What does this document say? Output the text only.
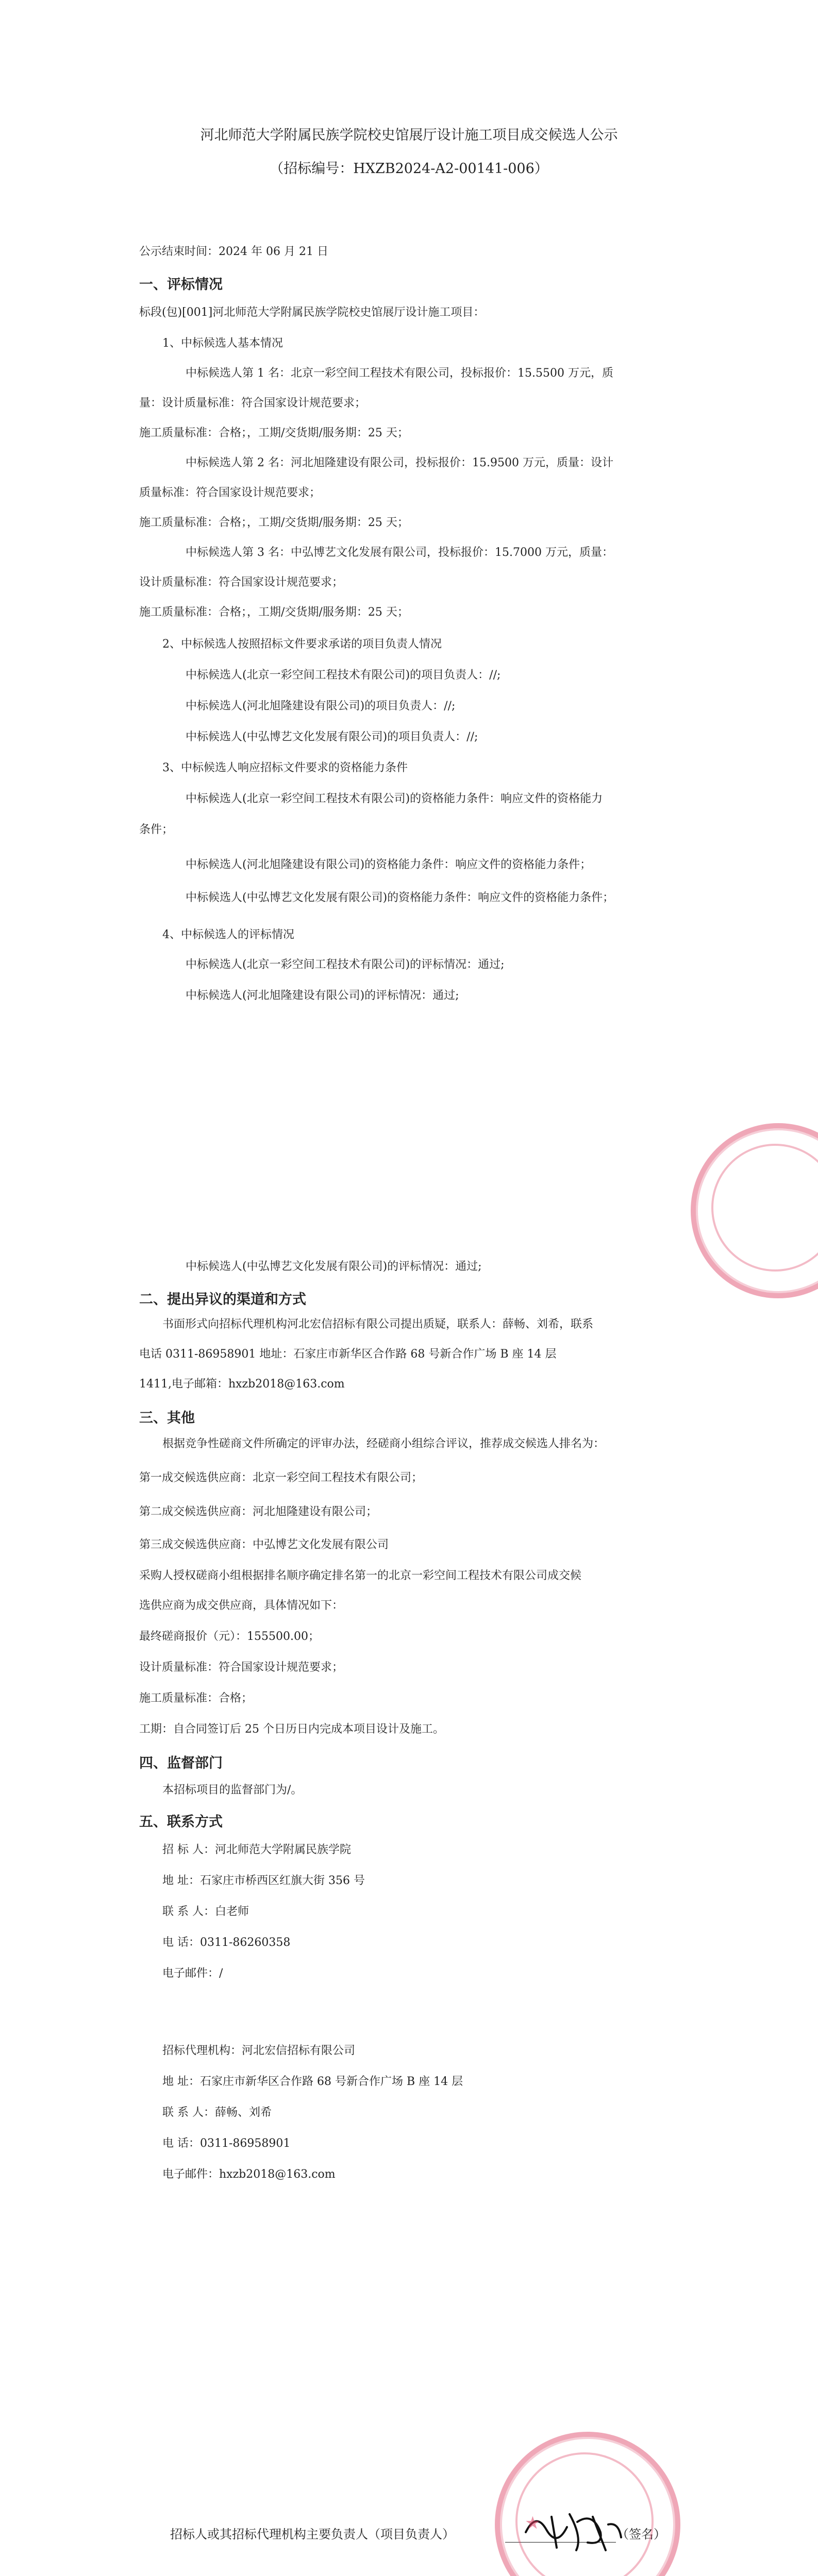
河北师范大学附属民族学院校史馆展厅设计施工项目成交候选人公示
（招标编号：HXZB2024-A2-00141-006）
公示结束时间：2024 年 06 月 21 日
一、评标情况
标段(包)[001]河北师范大学附属民族学院校史馆展厅设计施工项目：
1、中标候选人基本情况
中标候选人第 1 名：北京一彩空间工程技术有限公司，投标报价：15.5500 万元，质
量：设计质量标准：符合国家设计规范要求；
施工质量标准：合格；，工期/交货期/服务期：25 天；
中标候选人第 2 名：河北旭隆建设有限公司，投标报价：15.9500 万元，质量：设计
质量标准：符合国家设计规范要求；
施工质量标准：合格；，工期/交货期/服务期：25 天；
中标候选人第 3 名：中弘博艺文化发展有限公司，投标报价：15.7000 万元，质量：
设计质量标准：符合国家设计规范要求；
施工质量标准：合格；，工期/交货期/服务期：25 天；
2、中标候选人按照招标文件要求承诺的项目负责人情况
中标候选人(北京一彩空间工程技术有限公司)的项目负责人：//;
中标候选人(河北旭隆建设有限公司)的项目负责人：//;
中标候选人(中弘博艺文化发展有限公司)的项目负责人：//;
3、中标候选人响应招标文件要求的资格能力条件
中标候选人(北京一彩空间工程技术有限公司)的资格能力条件：响应文件的资格能力
条件；
中标候选人(河北旭隆建设有限公司)的资格能力条件：响应文件的资格能力条件；
中标候选人(中弘博艺文化发展有限公司)的资格能力条件：响应文件的资格能力条件；
4、中标候选人的评标情况
中标候选人(北京一彩空间工程技术有限公司)的评标情况：通过;
中标候选人(河北旭隆建设有限公司)的评标情况：通过;
中标候选人(中弘博艺文化发展有限公司)的评标情况：通过;
二、提出异议的渠道和方式
书面形式向招标代理机构河北宏信招标有限公司提出质疑，联系人：薛畅、刘希，联系
电话 0311-86958901 地址：石家庄市新华区合作路 68 号新合作广场 B 座 14 层
1411,电子邮箱：hxzb2018@163.com
三、其他
根据竞争性磋商文件所确定的评审办法，经磋商小组综合评议，推荐成交候选人排名为：
第一成交候选供应商：北京一彩空间工程技术有限公司；
第二成交候选供应商：河北旭隆建设有限公司；
第三成交候选供应商：中弘博艺文化发展有限公司
采购人授权磋商小组根据排名顺序确定排名第一的北京一彩空间工程技术有限公司成交候
选供应商为成交供应商，具体情况如下：
最终磋商报价（元）：155500.00；
设计质量标准：符合国家设计规范要求；
施工质量标准：合格；
工期：自合同签订后 25 个日历日内完成本项目设计及施工。
四、监督部门
本招标项目的监督部门为/。
五、联系方式
招 标 人：河北师范大学附属民族学院
地 址：石家庄市桥西区红旗大街 356 号
联 系 人：白老师
电 话：0311-86260358
电子邮件：/
招标代理机构：河北宏信招标有限公司
地 址：石家庄市新华区合作路 68 号新合作广场 B 座 14 层
联 系 人：薛畅、刘希
电 话：0311-86958901
电子邮件：hxzb2018@163.com
招标人或其招标代理机构主要负责人（项目负责人）	（签名）
★
